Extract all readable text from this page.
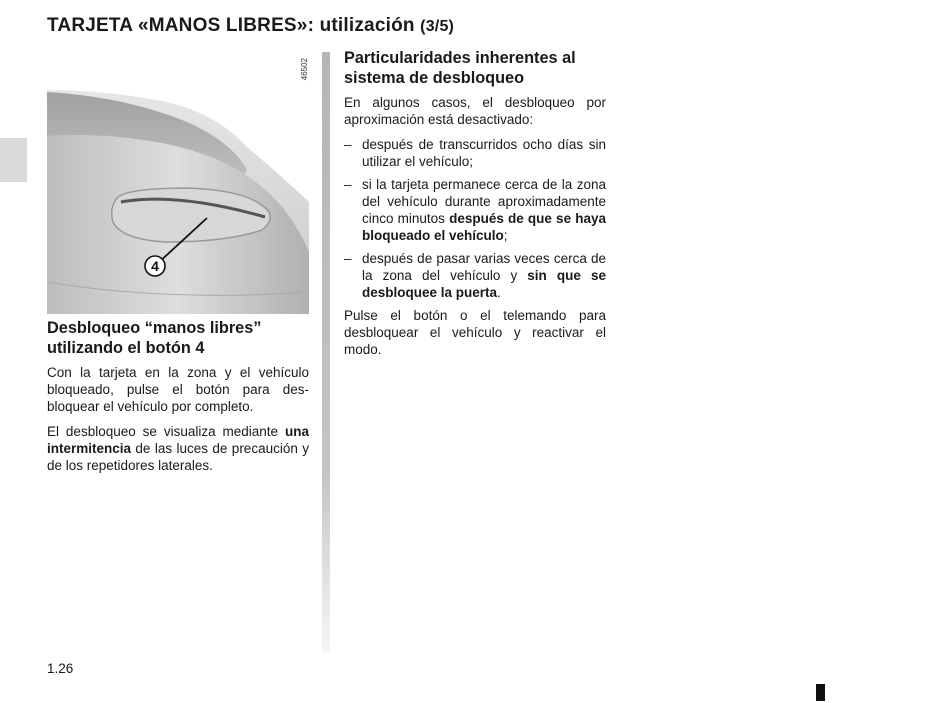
TARJETA «MANOS LIBRES»: utilización (3/5)
4
46502
Desbloqueo “manos libres” utilizando el botón 4

Con la tarjeta en la zona y el vehículo bloqueado, pulse el botón para desbloquear el vehículo por completo.

El desbloqueo se visualiza mediante una intermitencia de las luces de precaución y de los repetidores laterales.

Particularidades inherentes al sistema de desbloqueo

En algunos casos, el desbloqueo por aproximación está desactivado:

– después de transcurridos ocho días sin utilizar el vehículo;
– si la tarjeta permanece cerca de la zona del vehículo durante aproximadamente cinco minutos después de que se haya bloqueado el vehículo;
– después de pasar varias veces cerca de la zona del vehículo y sin que se desbloquee la puerta.

Pulse el botón o el telemando para desbloquear el vehículo y reactivar el modo.

1.26
